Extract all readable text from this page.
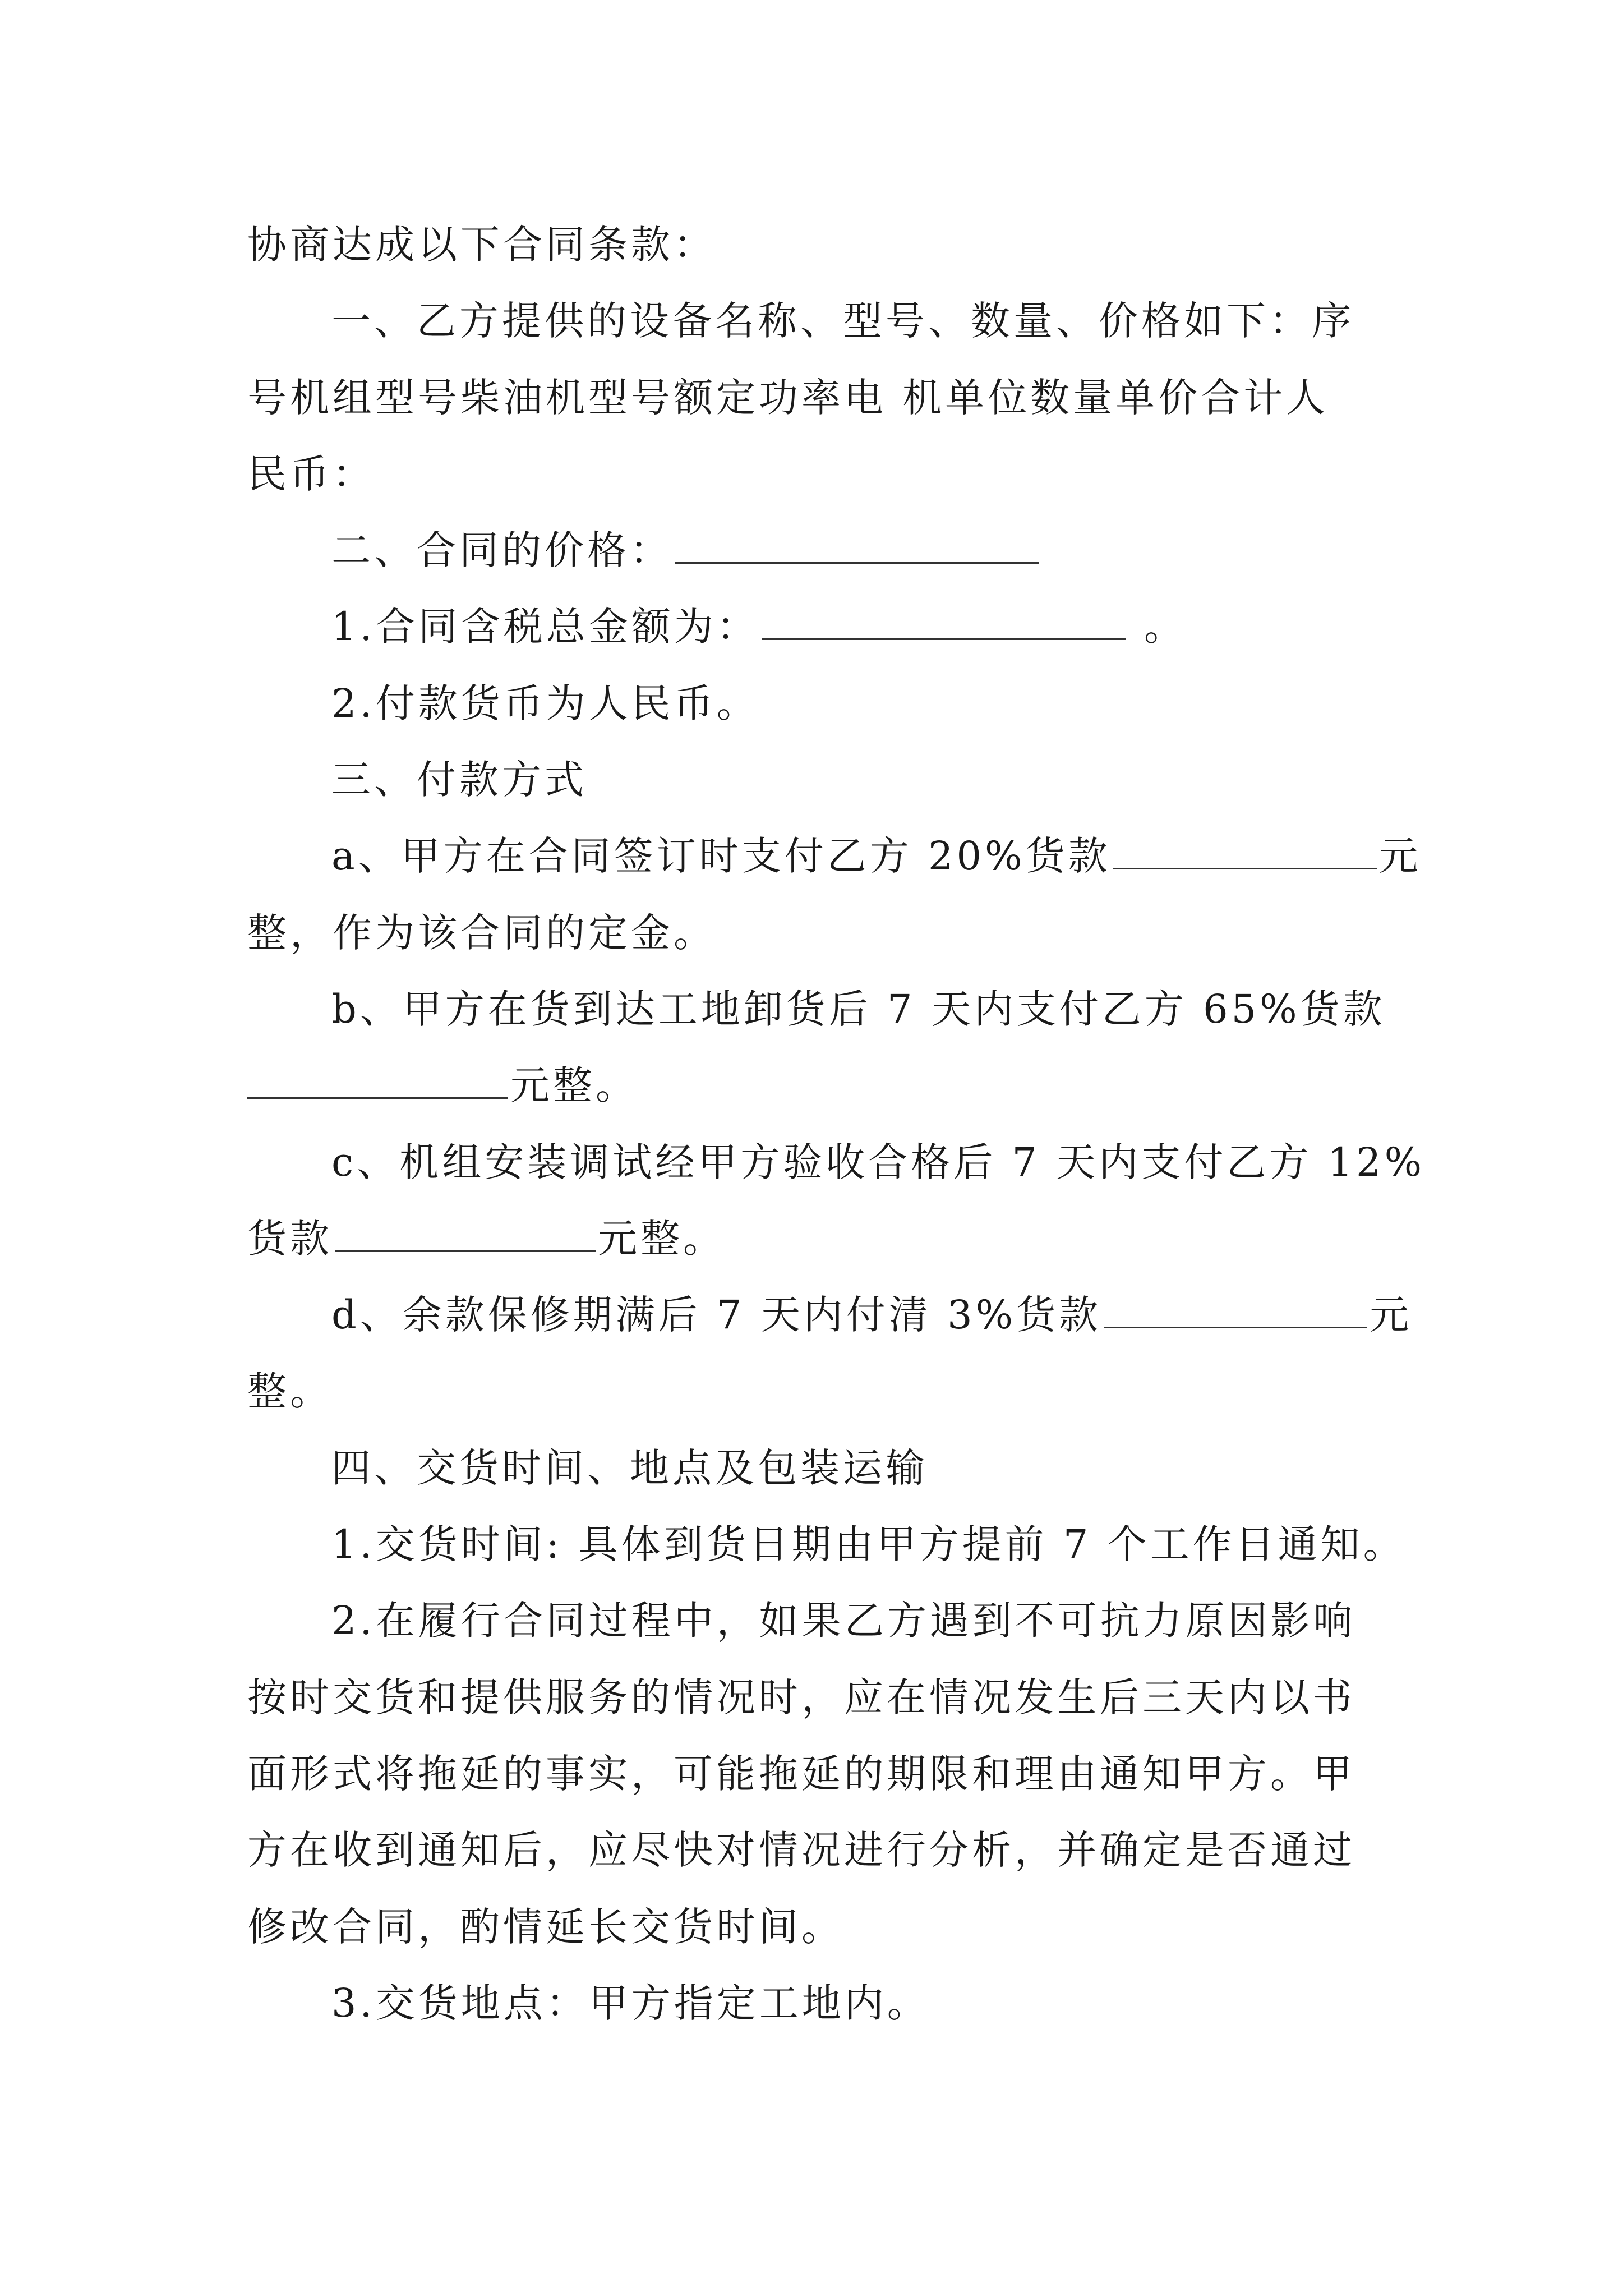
协商达成以下合同条款：
一、乙方提供的设备名称、型号、数量、价格如下：序
号机组型号柴油机型号额定功率电 机单位数量单价合计人
民币：
二、合同的价格：
1.合同含税总金额为：	。
2.付款货币为人民币。
三、付款方式
a、甲方在合同签订时支付乙方 20%货款	元
整，作为该合同的定金。
b、甲方在货到达工地卸货后 7 天内支付乙方 65%货款
元整。
c、机组安装调试经甲方验收合格后 7 天内支付乙方 12%
货款	元整。
d、余款保修期满后 7 天内付清 3%货款	元
整。
四、交货时间、地点及包装运输
1.交货时间: 具体到货日期由甲方提前 7 个工作日通知。
2.在履行合同过程中，如果乙方遇到不可抗力原因影响
按时交货和提供服务的情况时，应在情况发生后三天内以书
面形式将拖延的事实，可能拖延的期限和理由通知甲方。甲
方在收到通知后，应尽快对情况进行分析，并确定是否通过
修改合同，酌情延长交货时间。
3.交货地点：甲方指定工地内。
